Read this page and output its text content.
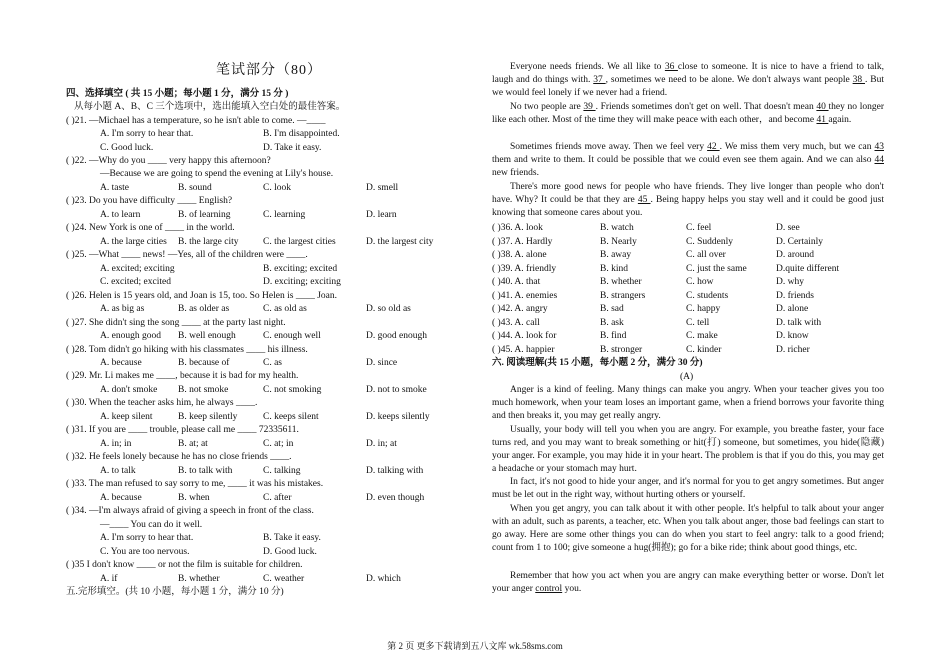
笔试部分（80）
四、选择填空 ( 共 15 小题；每小题 1 分，满分 15 分 )
从每小题 A、B、C 三个选项中，选出能填入空白处的最佳答案。
( )21. —Michael has a temperature, so he isn't able to come. —____
A. I'm sorry to hear that.	B. I'm disappointed.
C. Good luck.	D. Take it easy.
( )22. —Why do you ____ very happy this afternoon?
—Because we are going to spend the evening at Lily's house.
A. taste	B. sound	C. look	D. smell
( )23. Do you have difficulty ____ English?
A. to learn	B. of learning	C. learning	D. learn
( )24. New York is one of ____ in the world.
A. the large cities B. the large city	C. the largest cities	D. the largest city
( )25. —What ____ news! —Yes, all of the children were ____.
A. excited; exciting	B. exciting; excited
C. excited; excited	D. exciting; exciting
( )26. Helen is 15 years old, and Joan is 15, too. So Helen is ____ Joan.
A. as big as	B. as older as	C. as old as	D. so old as
( )27. She didn't sing the song ____ at the party last night.
A. enough good B. well enough	C. enough well	D. good enough
( )28. Tom didn't go hiking with his classmates ____ his illness.
A. because	B. because of	C. as	D. since
( )29. Mr. Li makes me ____, because it is bad for my health.
A. don't smoke B. not smoke	C. not smoking	D. not to smoke
( )30. When the teacher asks him, he always ____.
A. keep silent	B. keep silently	C. keeps silent	D. keeps silently
( )31. If you are ____ trouble, please call me ____ 72335611.
A. in; in	B. at; at	C. at; in	D. in; at
( )32. He feels lonely because he has no close friends ____.
A. to talk	B. to talk with	C. talking	D. talking with
( )33. The man refused to say sorry to me, ____ it was his mistakes.
A. because	B. when	C. after	D. even though
( )34. —I'm always afraid of giving a speech in front of the class.
—____ You can do it well.
A. I'm sorry to hear that.	B. Take it easy.
C. You are too nervous.	D. Good luck.
( )35 I don't know ____ or not the film is suitable for children.
A. if	B. whether	C. weather	D. which
五.完形填空。(共 10 小题，每小题 1 分，满分 10 分)
Everyone needs friends. We all like to 36 close to someone. It is nice to have a friend to talk, laugh and do things with. 37 , sometimes we need to be alone. We don't always want people 38 . But we would feel lonely if we never had a friend.
No two people are 39 . Friends sometimes don't get on well. That doesn't mean 40 they no longer like each other. Most of the time they will make peace with each other，and become 41 again.
Sometimes friends move away. Then we feel very 42 . We miss them very much, but we can 43 them and write to them. It could be possible that we could even see them again. And we can also 44 new friends.
There's more good news for people who have friends. They live longer than people who don't have. Why? It could be that they are 45 . Being happy helps you stay well and it could be good just knowing that someone cares about you.
( )36. A. look	B. watch	C. feel	D. see
( )37. A. Hardly	B. Nearly	C. Suddenly	D. Certainly
( )38. A. alone	B. away	C. all over	D. around
( )39. A. friendly	B. kind	C. just the same	D.quite different
( )40. A. that	B. whether	C. how	D. why
( )41. A. enemies	B. strangers	C. students	D. friends
( )42. A. angry	B. sad	C. happy	D. alone
( )43. A. call	B. ask	C. tell	D. talk with
( )44. A. look for	B. find	C. make	D. know
( )45. A. happier	B. stronger	C. kinder	D. richer
六. 阅读理解(共 15 小题，每小题 2 分，满分 30 分)
(A)
Anger is a kind of feeling. Many things can make you angry. When your teacher gives you too much homework, when your team loses an important game, when a friend borrows your favorite thing and then breaks it, you may get really angry.
Usually, your body will tell you when you are angry. For example, you breathe faster, your face turns red, and you may want to break something or hit(打) someone, but sometimes, you hide(隐藏) your anger. For example, you may hide it in your heart. The problem is that if you do this, you may get a headache or your stomach may hurt.
In fact, it's not good to hide your anger, and it's normal for you to get angry sometimes. But anger must be let out in the right way, without hurting others or yourself.
When you get angry, you can talk about it with other people. It's helpful to talk about your anger with an adult, such as parents, a teacher, etc. When you talk about anger, those bad feelings can start to go away. Here are some other things you can do when you start to feel angry: talk to a good friend; count from 1 to 100; give someone a hug(拥抱); go for a bike ride; think about good things, etc.
Remember that how you act when you are angry can make everything better or worse. Don't let your anger control you.
第 2 页 更多下载请到五八文库 wk.58sms.com
